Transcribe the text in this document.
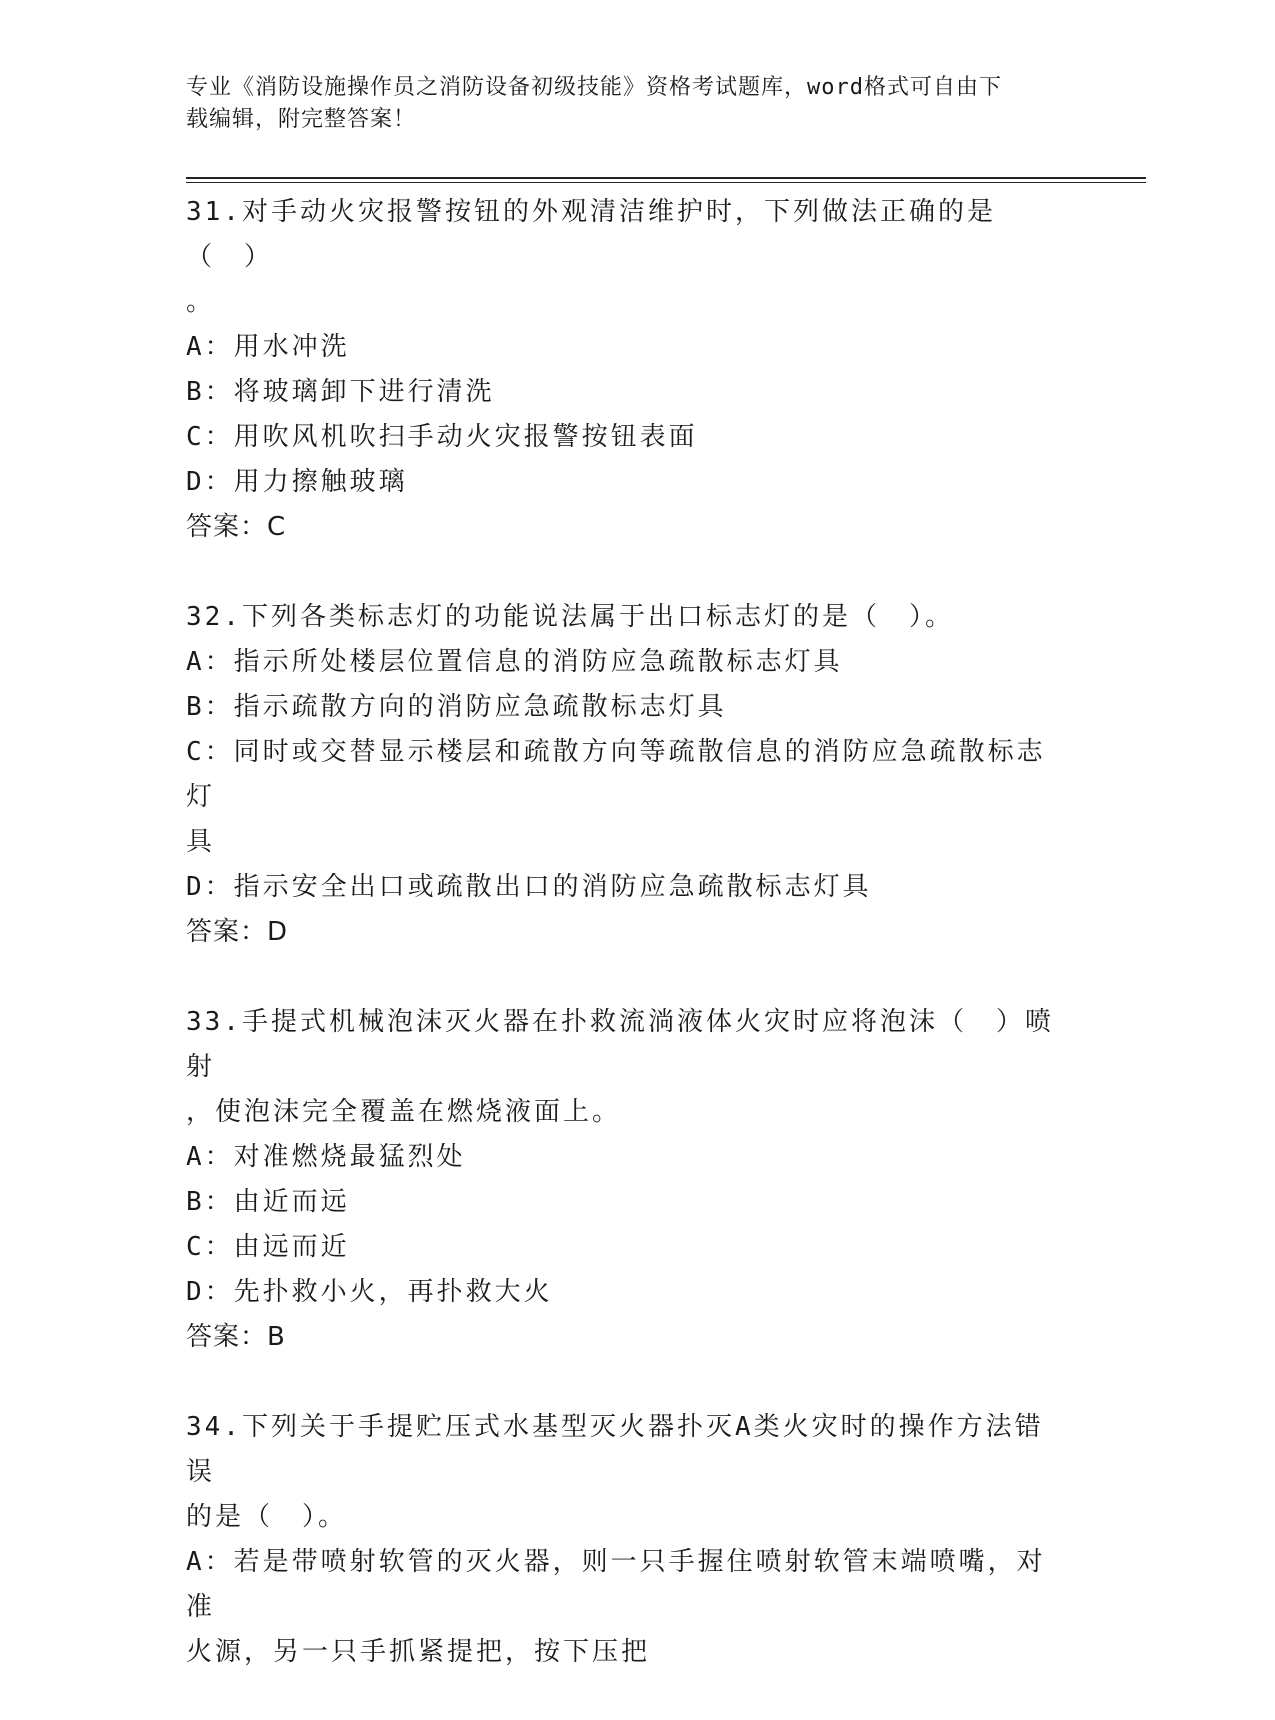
专业《消防设施操作员之消防设备初级技能》资格考试题库，word格式可自由下
载编辑，附完整答案！

31.对手动火灾报警按钮的外观清洁维护时，下列做法正确的是（　）

。

A：用水冲洗

B：将玻璃卸下进行清洗

C：用吹风机吹扫手动火灾报警按钮表面

D：用力擦触玻璃

答案：C

32.下列各类标志灯的功能说法属于出口标志灯的是（　）。

A：指示所处楼层位置信息的消防应急疏散标志灯具

B：指示疏散方向的消防应急疏散标志灯具

C：同时或交替显示楼层和疏散方向等疏散信息的消防应急疏散标志灯

具

D：指示安全出口或疏散出口的消防应急疏散标志灯具

答案：D

33.手提式机械泡沫灭火器在扑救流淌液体火灾时应将泡沫（　）喷射

，使泡沫完全覆盖在燃烧液面上。

A：对准燃烧最猛烈处

B：由近而远

C：由远而近

D：先扑救小火，再扑救大火

答案：B

34.下列关于手提贮压式水基型灭火器扑灭A类火灾时的操作方法错误

的是（　）。

A：若是带喷射软管的灭火器，则一只手握住喷射软管末端喷嘴，对准

火源，另一只手抓紧提把，按下压把
